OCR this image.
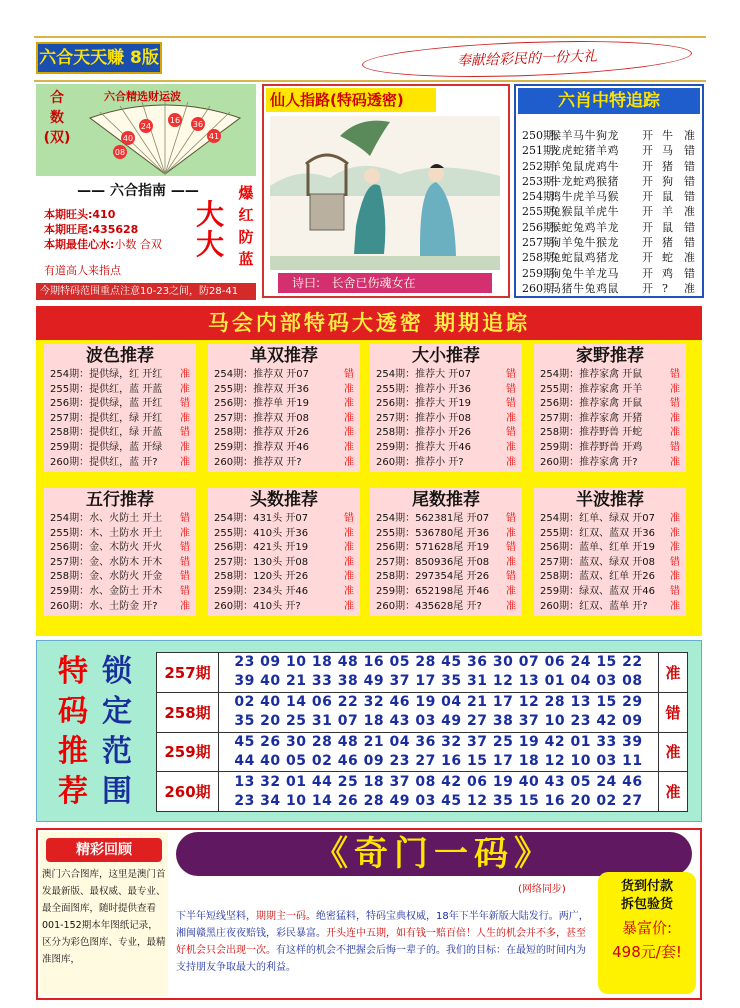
六合天天赚 8版	奉献给彩民的一份大礼
合
数
(双)
六合精选财运波
24
16 36
41
40
08
—— 六合指南 ——
本期旺头:410
本期旺尾:435628
本期最佳心水:小数 合双
大
大
爆
红
防
蓝
有道高人来指点
今期特码范围重点注意10-23之间，防28-41
仙人指路(特码透密)
诗曰: 长舍已伤魂女在
六肖中特追踪
250期:
猴羊马牛狗龙	开 牛	准
251期:
龙虎蛇猪羊鸡	开 马	错
252期:
羊兔鼠虎鸡牛	开 猪	错
253期:
牛龙蛇鸡猴猪	开 狗	错
254期:
鸡牛虎羊马猴	开 鼠	错
255期:
兔猴鼠羊虎牛	开 羊	准
256期:
猴蛇兔鸡羊龙	开 鼠	错
257期:
狗羊兔牛猴龙	开 猪	错
258期:
兔蛇鼠鸡猪龙	开 蛇	准
259期:
狗兔牛羊龙马	开 鸡	错
260期:
马猪牛兔鸡鼠	开 ?	准
马会内部特码大透密 期期追踪
特
码
推
荐
锁
定
范
围
257期	23 09 10 18 48 16 05 28 45 36 30 07 06 24 15 22
39 40 21 33 38 49 37 17 35 31 12 13 01 04 03 08	准
258期	02 40 14 06 22 32 46 19 04 21 17 12 28 13 15 29
35 20 25 31 07 18 43 03 49 27 38 37 10 23 42 09	错
259期	45 26 30 28 48 21 04 36 32 37 25 19 42 01 33 39
44 40 05 02 46 09 23 27 16 15 17 18 12 10 03 11	准
260期	13 32 01 44 25 18 37 08 42 06 19 40 43 05 24 46
23 34 10 14 26 28 49 03 45 12 35 15 16 20 02 27	准
精彩回顾
澳门六合图库，这里是澳门首发最新版、最权威、最专业、最全面图库，随时提供查看001-152期本年图纸记录，区分为彩色图库、专业，最精准图库，
《奇门一码》
(网络同步)
下半年短线坚料，期期主一码。绝密猛料，特码宝典权威，18年下半年新版大陆发行。两广，湘闽赣黑庄夜夜赔钱，彩民暴富。开头连中五期，如有钱一赔百倍！人生的机会并不多，甚至好机会只会出现一次。有这样的机会不把握会后悔一辈子的。我们的目标：在最短的时间内为支持朋友争取最大的利益。
货到付款
拆包验货
暴富价:
498元/套!
波色推荐
254期：提供绿，红 开红 准
255期：提供红，蓝 开蓝 准
256期：提供绿，蓝 开红 错
257期：提供红，绿 开红 准
258期：提供红，绿 开蓝 错
259期：提供绿，蓝 开绿 准
260期：提供红，蓝 开? 准
单双推荐
254期：推荐双 开07	错
255期：推荐双 开36	准
256期：推荐单 开19	准
257期：推荐双 开08	准
258期：推荐双 开26	准
259期：推荐双 开46	准
260期：推荐双 开?	准
大小推荐
254期：推荐大 开07	错
255期：推荐小 开36	错
256期：推荐大 开19	错
257期：推荐小 开08	准
258期：推荐小 开26	错
259期：推荐大 开46	准
260期：推荐小 开?	准
家野推荐
254期：推荐家禽 开鼠	错
255期：推荐家禽 开羊	准
256期：推荐家禽 开鼠	错
257期：推荐家禽 开猪	准
258期：推荐野兽 开蛇	准
259期：推荐野兽 开鸡	错
260期：推荐家禽 开?	准
五行推荐
254期：水、火防土 开土 错
255期：木、土防水 开土 准
256期：金、木防火 开火 错
257期：金、水防木 开木 错
258期：金、水防火 开金 错
259期：水、金防土 开木 错
260期：水、土防金 开? 准
头数推荐
254期：431头 开07	错
255期：410头 开36	准
256期：421头 开19	准
257期：130头 开08	准
258期：120头 开26	准
259期：234头 开46	准
260期：410头 开?	准
尾数推荐
254期：562381尾 开07 错
255期：536780尾 开36 准
256期：571628尾 开19 错
257期：850936尾 开08 准
258期：297354尾 开26 错
259期：652198尾 开46 准
260期：435628尾 开? 准
半波推荐
254期：红单、绿双 开07 准
255期：红双、蓝双 开36 准
256期：蓝单、红单 开19 准
257期：蓝双、绿双 开08 错
258期：蓝双、红单 开26 准
259期：绿双、蓝双 开46 错
260期：红双、蓝单 开? 准
